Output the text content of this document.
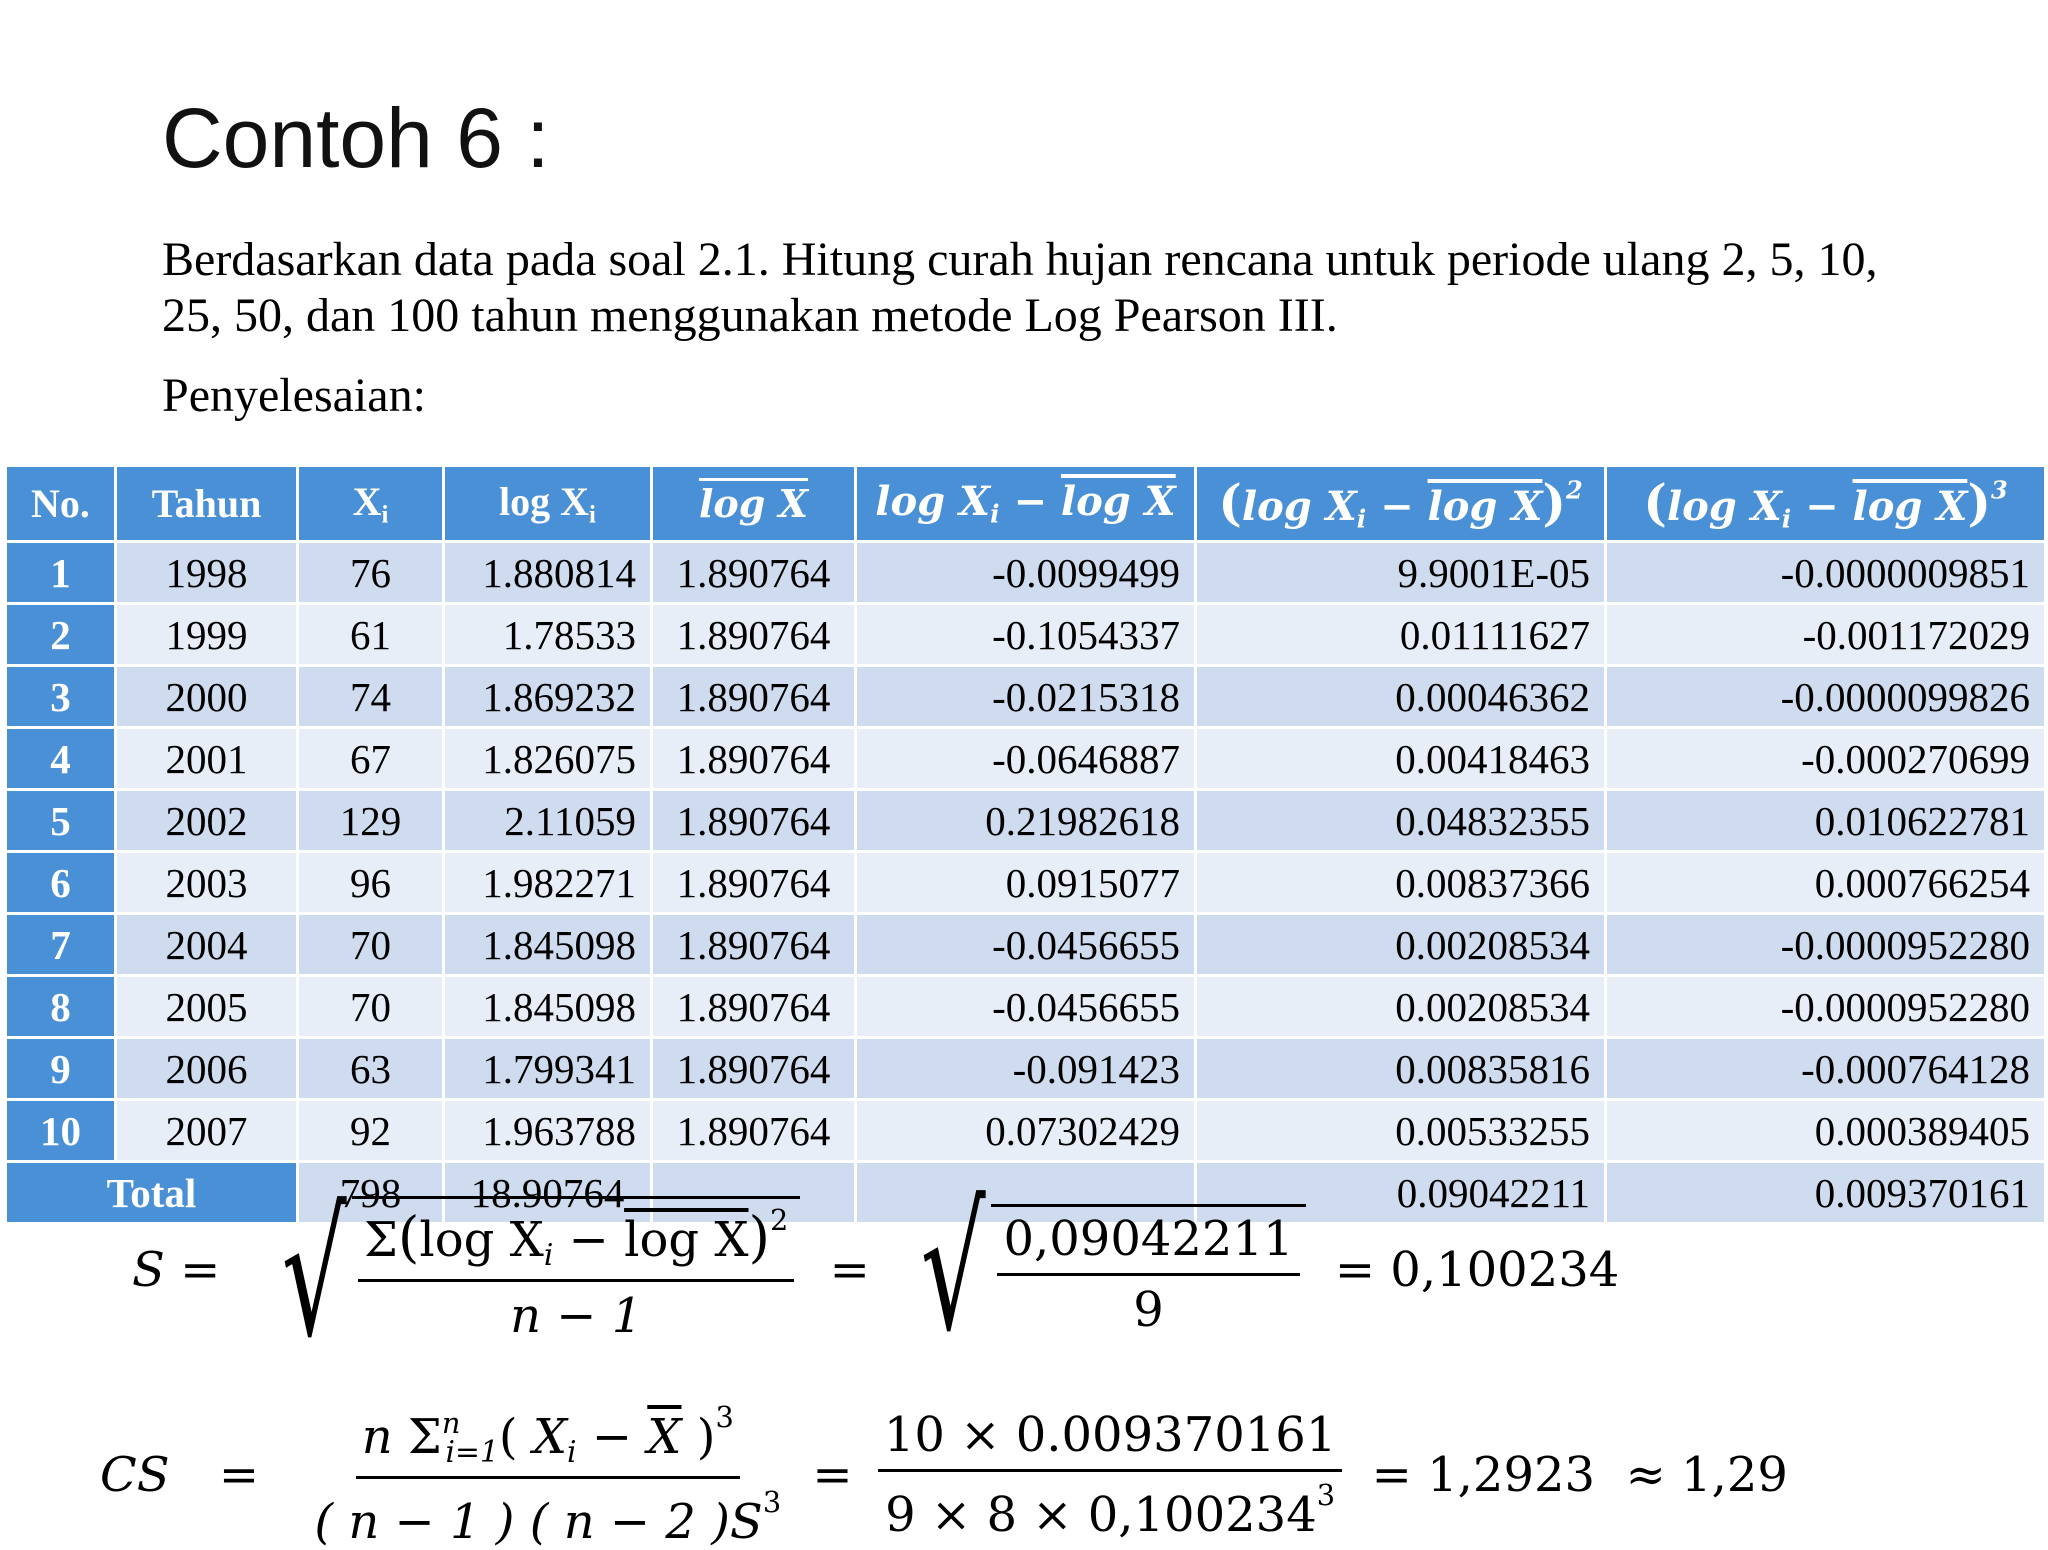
Contoh 6 :
Berdasarkan data pada soal 2.1. Hitung curah hujan rencana untuk periode ulang 2, 5, 10, 25, 50, dan 100 tahun menggunakan metode Log Pearson III.
Penyelesaian:
No.	Tahun	$X_i$	$\log X_i$	log X	$\log X_i - \log X$	(log $X_i - \log X)^2$	(log $X_i - \log X)^3$
1	1998	76	1.880814	1.890764	-0.0099499	9.9001E-05	-0.0000009851
2	1999	61	1.78533	1.890764	-0.1054337	0.01111627	-0.001172029
3	2000	74	1.869232	1.890764	-0.0215318	0.00046362	-0.0000099826
4	2001	67	1.826075	1.890764	-0.0646887	0.00418463	-0.000270699
5	2002	129	2.11059	1.890764	0.21982618	0.04832355	0.010622781
6	2003	96	1.982271	1.890764	0.0915077	0.00837366	0.000766254
7	2004	70	1.845098	1.890764	-0.0456655	0.00208534	-0.0000952280
8	2005	70	1.845098	1.890764	-0.0456655	0.00208534	-0.0000952280
9	2006	63	1.799341	1.890764	-0.091423	0.00835816	-0.000764128
10	2007	92	1.963788	1.890764	0.07302429	0.00533255	0.000389405
Total		798	18.90764			0.09042211	0.009370161
S = √ $\frac{\Sigma(\log X_i - \log X)^2}{n - 1}$ = √ $\frac{0,09042211}{9} = 0,100234$
CS = $\frac{n \Sigma^n_{i=1}( X_i - \overline{X} )^3}{( n - 1 ) ( n - 2 )S^3} = \frac{10 \times 0.009370161}{9 \times 8 \times 0,100234^3} = 1,2923 \approx 1,29$
